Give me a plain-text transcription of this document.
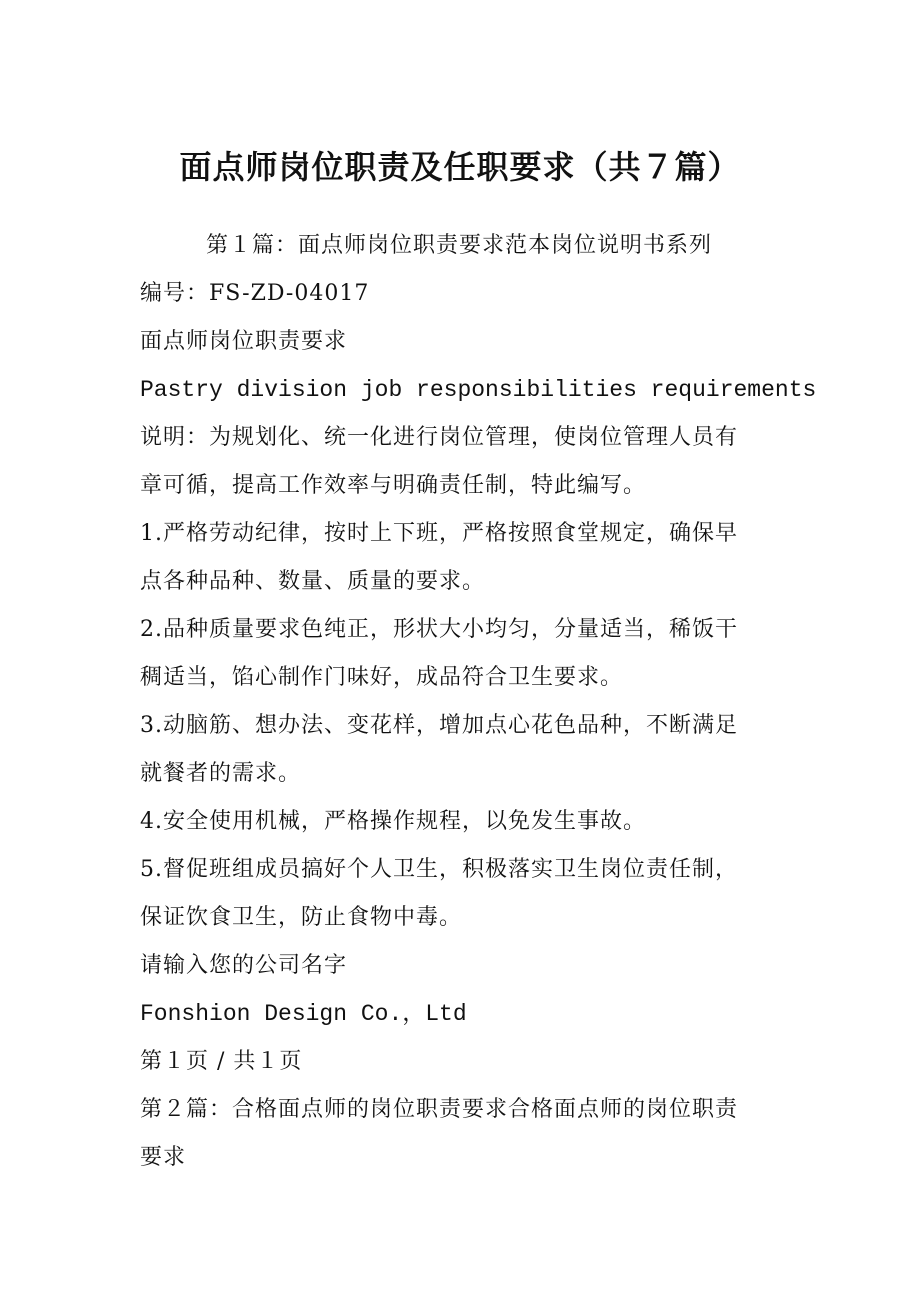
面点师岗位职责及任职要求（共７篇）
第１篇：面点师岗位职责要求范本岗位说明书系列
编号：FS-ZD-04017
面点师岗位职责要求
Pastry division job responsibilities requirements
说明：为规划化、统一化进行岗位管理，使岗位管理人员有
章可循，提高工作效率与明确责任制，特此编写。
1.严格劳动纪律，按时上下班，严格按照食堂规定，确保早
点各种品种、数量、质量的要求。
2.品种质量要求色纯正，形状大小均匀，分量适当，稀饭干
稠适当，馅心制作门味好，成品符合卫生要求。
3.动脑筋、想办法、变花样，增加点心花色品种，不断满足
就餐者的需求。
4.安全使用机械，严格操作规程，以免发生事故。
5.督促班组成员搞好个人卫生，积极落实卫生岗位责任制，
保证饮食卫生，防止食物中毒。
请输入您的公司名字
Fonshion Design Co.，Ltd
第１页 / 共１页
第２篇：合格面点师的岗位职责要求合格面点师的岗位职责
要求
